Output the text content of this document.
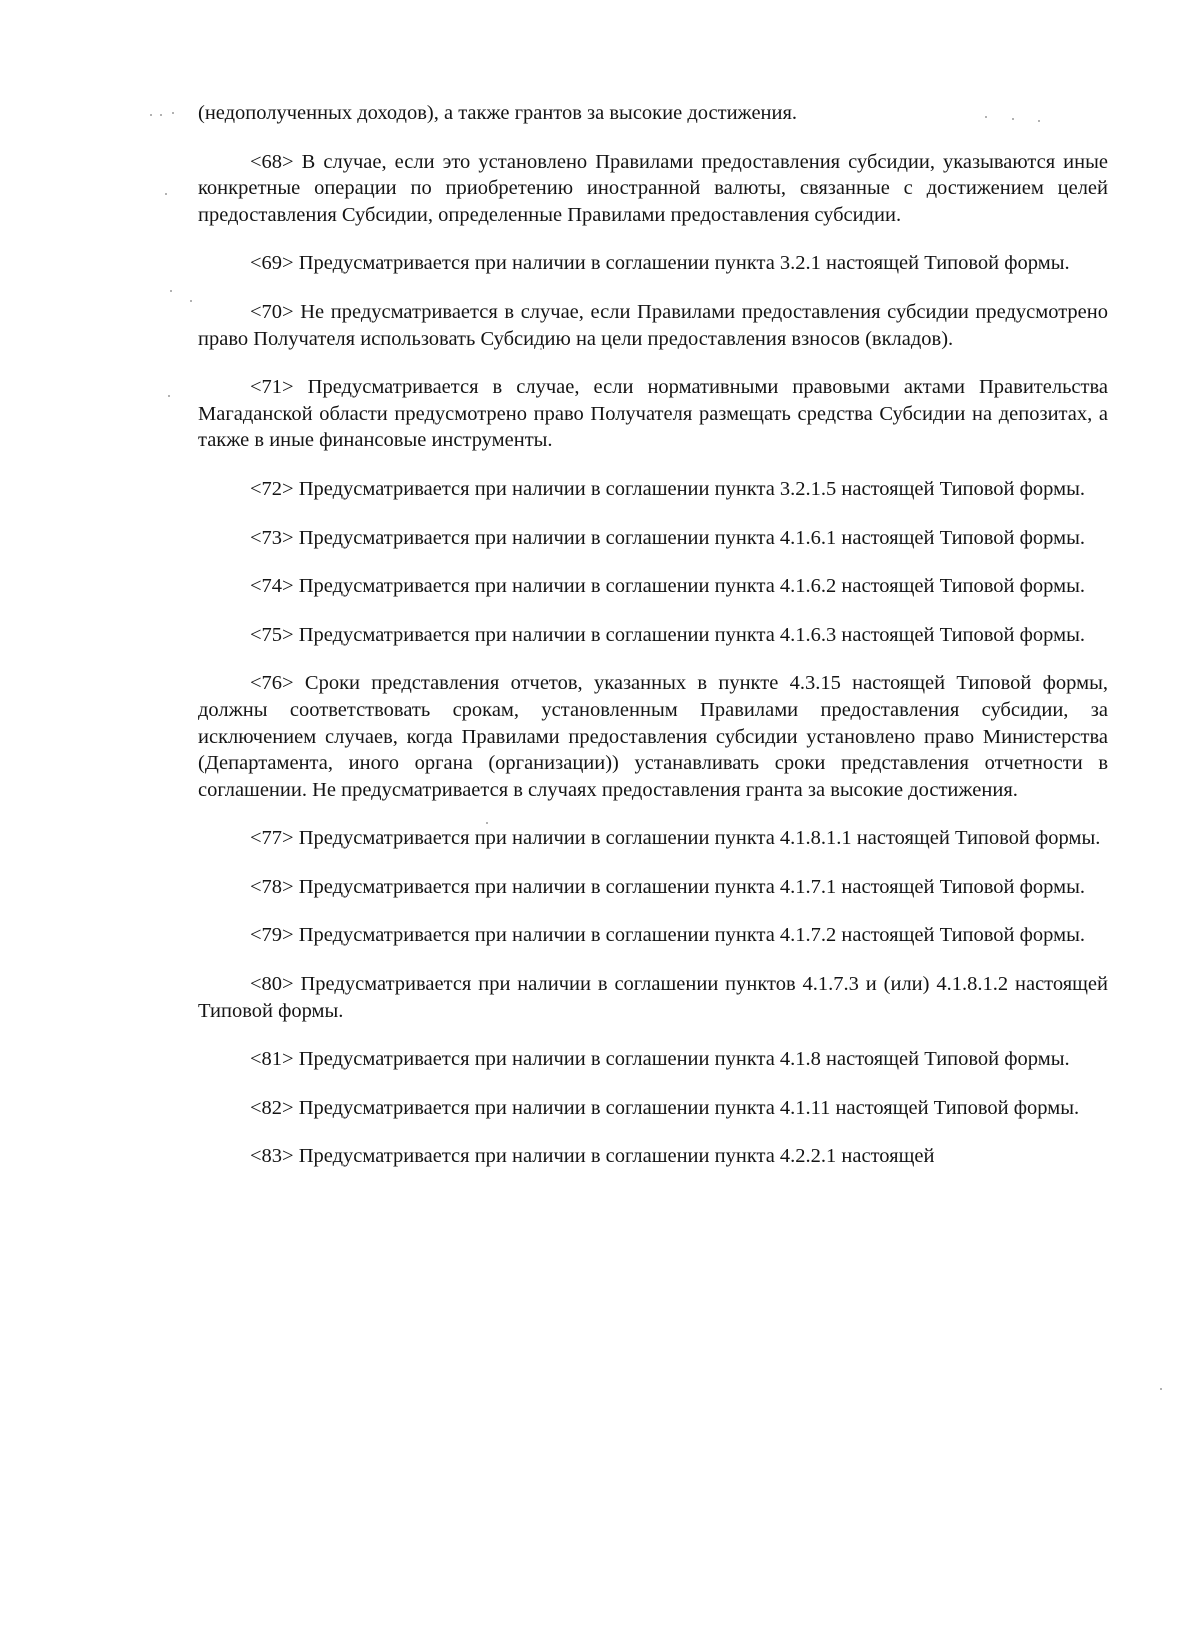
(недополученных доходов), а также грантов за высокие достижения.

<68> В случае, если это установлено Правилами предоставления субсидии, указываются иные конкретные операции по приобретению иностранной валюты, связанные с достижением целей предоставления Субсидии, определенные Правилами предоставления субсидии.

<69> Предусматривается при наличии в соглашении пункта 3.2.1 настоящей Типовой формы.

<70> Не предусматривается в случае, если Правилами предоставления субсидии предусмотрено право Получателя использовать Субсидию на цели предоставления взносов (вкладов).

<71> Предусматривается в случае, если нормативными правовыми актами Правительства Магаданской области предусмотрено право Получателя размещать средства Субсидии на депозитах, а также в иные финансовые инструменты.

<72> Предусматривается при наличии в соглашении пункта 3.2.1.5 настоящей Типовой формы.

<73> Предусматривается при наличии в соглашении пункта 4.1.6.1 настоящей Типовой формы.

<74> Предусматривается при наличии в соглашении пункта 4.1.6.2 настоящей Типовой формы.

<75> Предусматривается при наличии в соглашении пункта 4.1.6.3 настоящей Типовой формы.

<76> Сроки представления отчетов, указанных в пункте 4.3.15 настоящей Типовой формы, должны соответствовать срокам, установленным Правилами предоставления субсидии, за исключением случаев, когда Правилами предоставления субсидии установлено право Министерства (Департамента, иного органа (организации)) устанавливать сроки представления отчетности в соглашении. Не предусматривается в случаях предоставления гранта за высокие достижения.

<77> Предусматривается при наличии в соглашении пункта 4.1.8.1.1 настоящей Типовой формы.

<78> Предусматривается при наличии в соглашении пункта 4.1.7.1 настоящей Типовой формы.

<79> Предусматривается при наличии в соглашении пункта 4.1.7.2 настоящей Типовой формы.

<80> Предусматривается при наличии в соглашении пунктов 4.1.7.3 и (или) 4.1.8.1.2 настоящей Типовой формы.

<81> Предусматривается при наличии в соглашении пункта 4.1.8 настоящей Типовой формы.

<82> Предусматривается при наличии в соглашении пункта 4.1.11 настоящей Типовой формы.

<83> Предусматривается при наличии в соглашении пункта 4.2.2.1 настоящей
